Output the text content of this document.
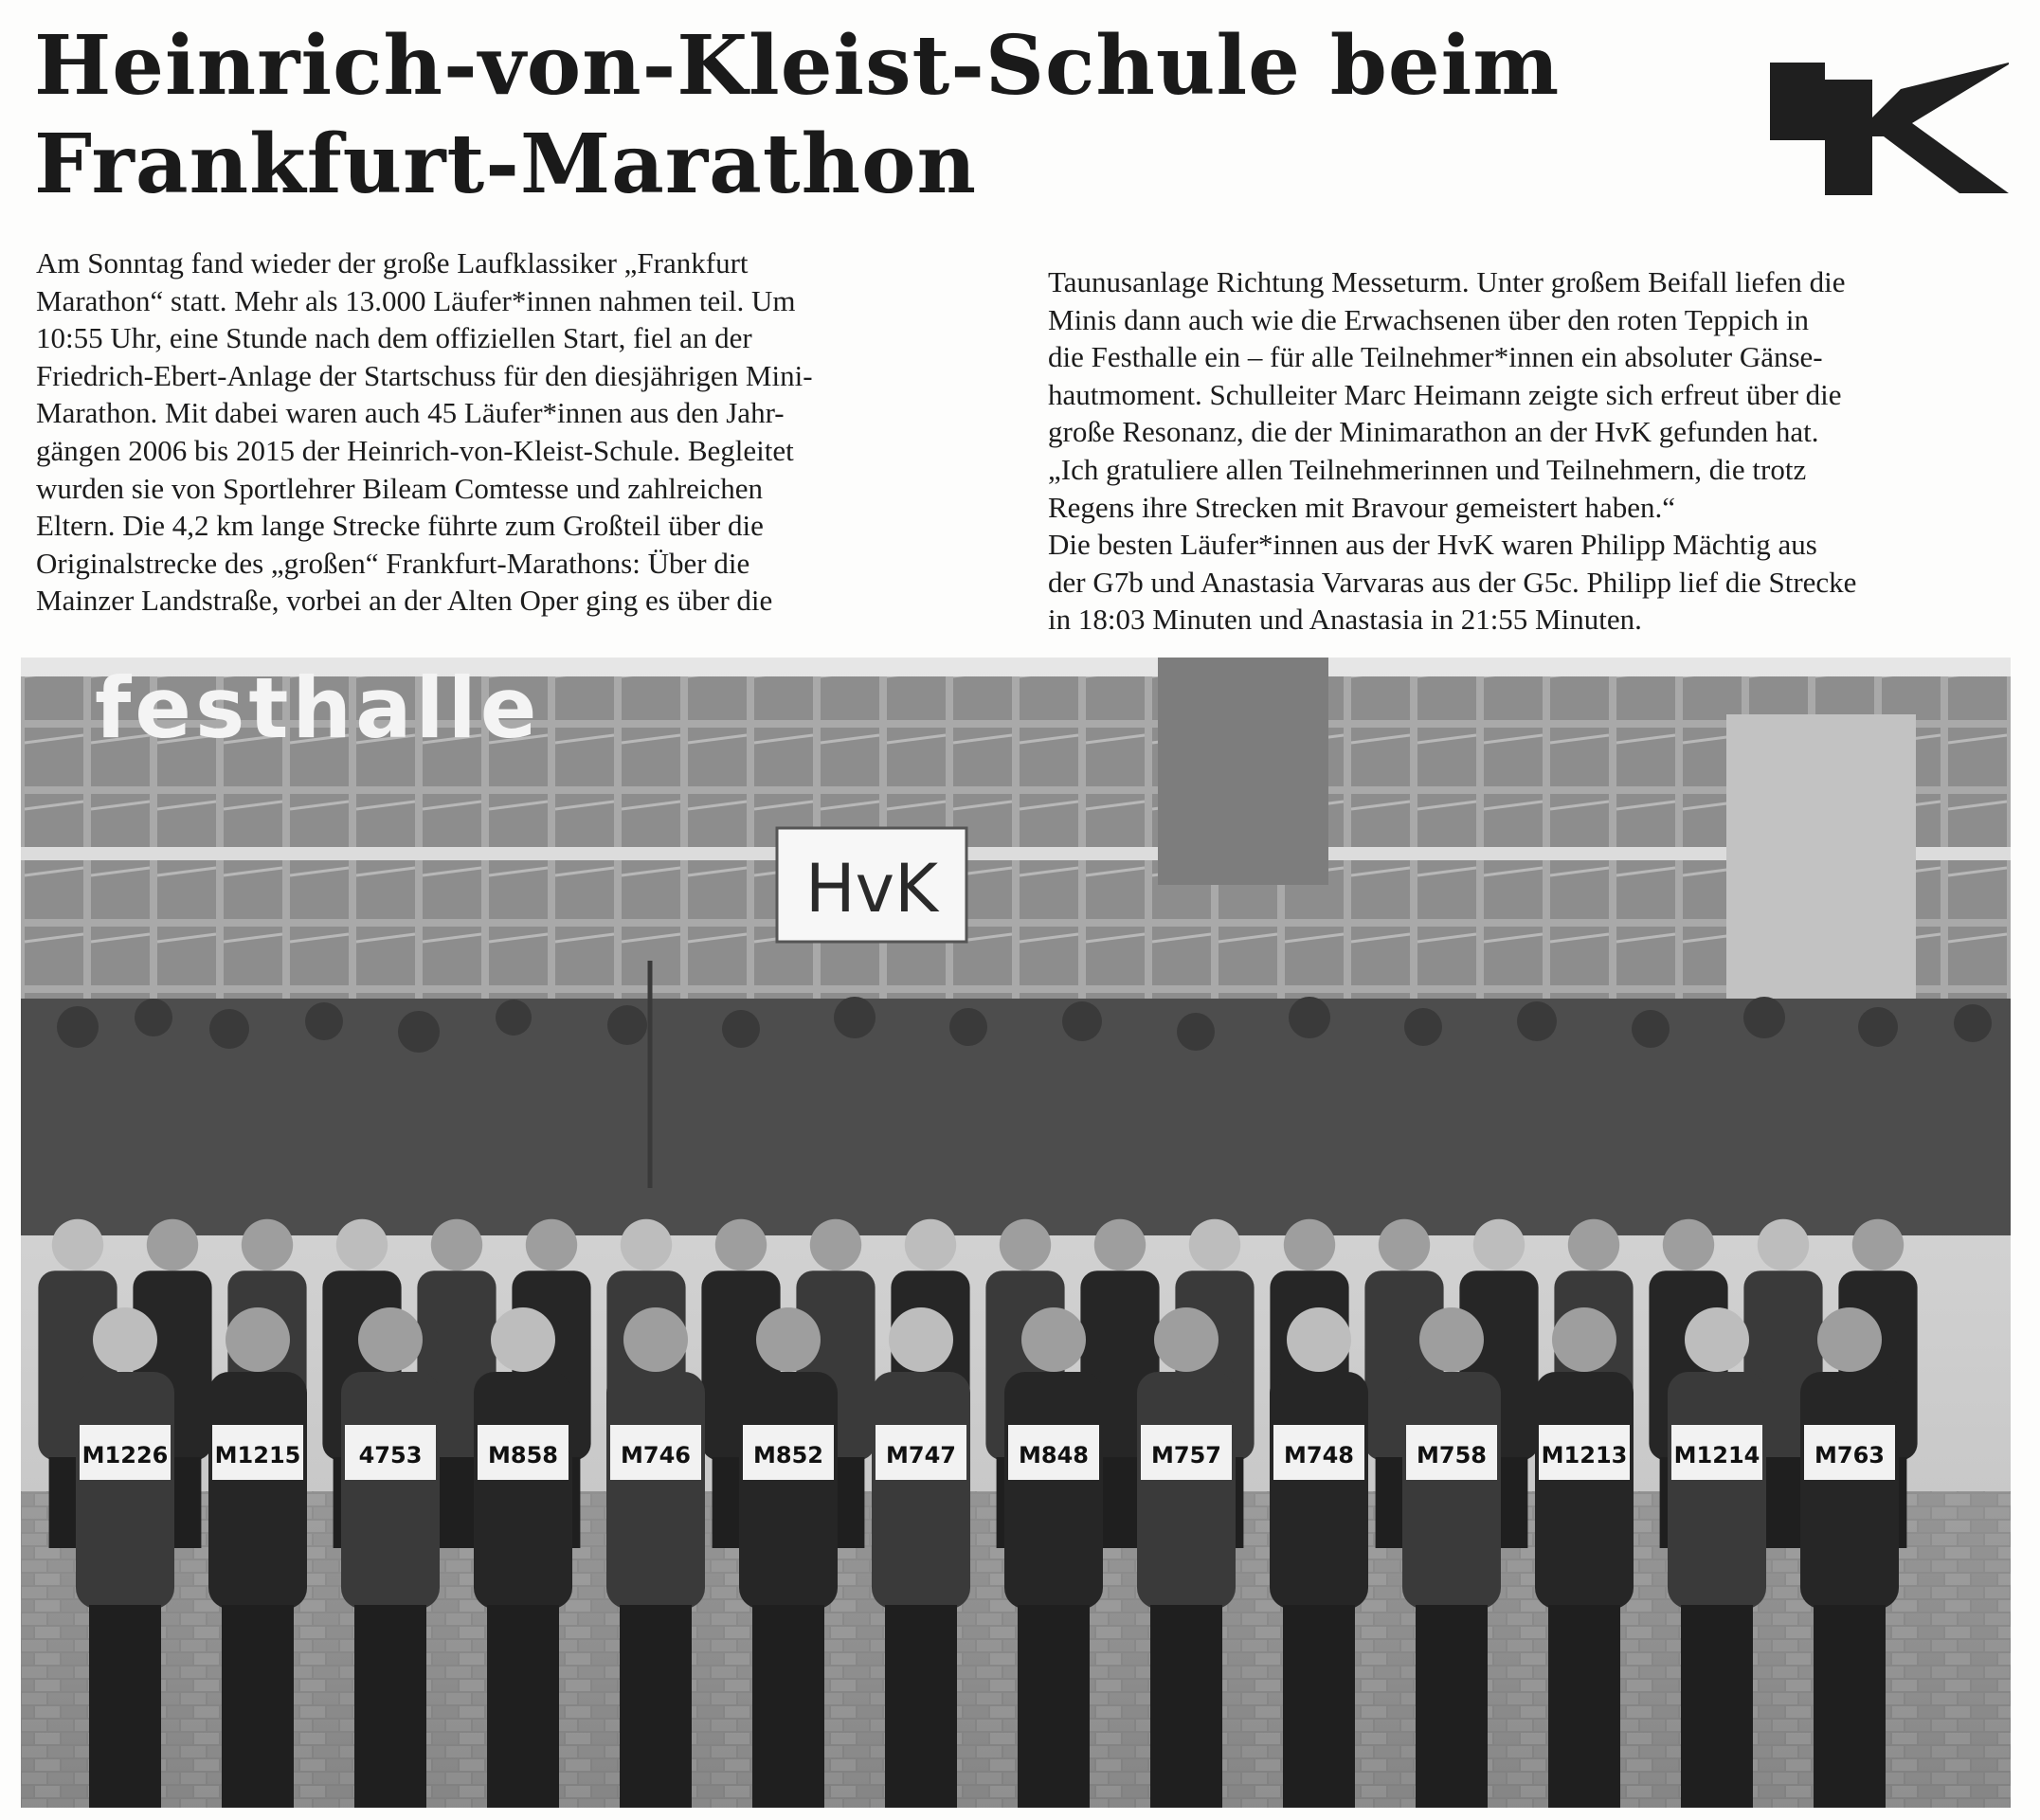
Heinrich-von-Kleist-Schule beim
Frankfurt-Marathon

Am Sonntag fand wieder der große Laufklassiker „Frankfurt

Marathon“ statt. Mehr als 13.000 Läufer*innen nahmen teil. Um

10:55 Uhr, eine Stunde nach dem offiziellen Start, fiel an der

Friedrich-Ebert-Anlage der Startschuss für den diesjährigen Mini-

Marathon. Mit dabei waren auch 45 Läufer*innen aus den Jahr-

gängen 2006 bis 2015 der Heinrich-von-Kleist-Schule. Begleitet

wurden sie von Sportlehrer Bileam Comtesse und zahlreichen

Eltern. Die 4,2 km lange Strecke führte zum Großteil über die

Originalstrecke des „großen“ Frankfurt-Marathons: Über die

Mainzer Landstraße, vorbei an der Alten Oper ging es über die

Taunusanlage Richtung Messeturm. Unter großem Beifall liefen die

Minis dann auch wie die Erwachsenen über den roten Teppich in

die Festhalle ein – für alle Teilnehmer*innen ein absoluter Gänse-

hautmoment. Schulleiter Marc Heimann zeigte sich erfreut über die

große Resonanz, die der Minimarathon an der HvK gefunden hat.

„Ich gratuliere allen Teilnehmerinnen und Teilnehmern, die trotz

Regens ihre Strecken mit Bravour gemeistert haben.“

Die besten Läufer*innen aus der HvK waren Philipp Mächtig aus

der G7b und Anastasia Varvaras aus der G5c. Philipp lief die Strecke

in 18:03 Minuten und Anastasia in 21:55 Minuten.

festhalle
HvK
M1226 M1215	4753	M858	M746	M852	M747	M848	M757	M748	M758 M1213 M1214 M763
